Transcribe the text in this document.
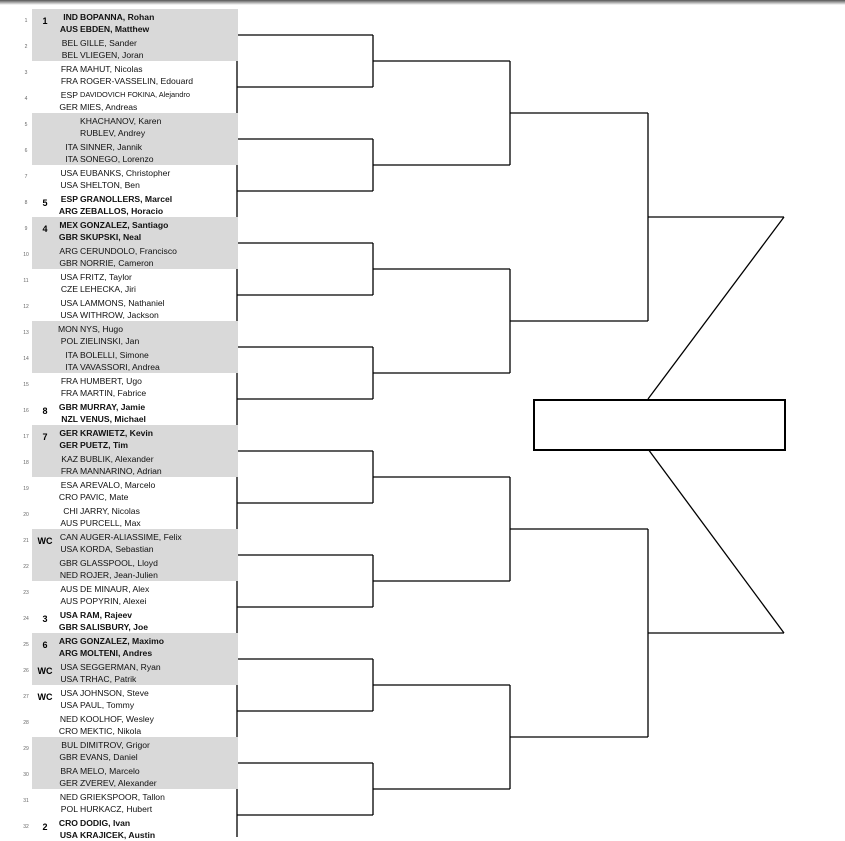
1	1	IND BOPANNA, Rohan
AUS EBDEN, Matthew
2	BEL GILLE, Sander
BEL VLIEGEN, Joran
3	FRA MAHUT, Nicolas
FRA ROGER-VASSELIN, Edouard
4	ESP DAVIDOVICH FOKINA, Alejandro
GER MIES, Andreas
5	KHACHANOV, Karen
RUBLEV, Andrey
6	ITA SINNER, Jannik
ITA SONEGO, Lorenzo
7	USA EUBANKS, Christopher
USA SHELTON, Ben
8	5	ESP GRANOLLERS, Marcel
ARG ZEBALLOS, Horacio
9	4	MEX GONZALEZ, Santiago
GBR SKUPSKI, Neal
10	ARG CERUNDOLO, Francisco
GBR NORRIE, Cameron
11	USA FRITZ, Taylor
CZE LEHECKA, Jiri
12	USA LAMMONS, Nathaniel
USA WITHROW, Jackson
13	MON NYS, Hugo
POL ZIELINSKI, Jan
14	ITA BOLELLI, Simone
ITA VAVASSORI, Andrea
15	FRA HUMBERT, Ugo
FRA MARTIN, Fabrice
16	8	GBR MURRAY, Jamie
NZL VENUS, Michael
17	7	GER KRAWIETZ, Kevin
GER PUETZ, Tim
18	KAZ BUBLIK, Alexander
FRA MANNARINO, Adrian
19	ESA AREVALO, Marcelo
CRO PAVIC, Mate
20	CHI JARRY, Nicolas
AUS PURCELL, Max
21 WC CAN AUGER-ALIASSIME, Felix
USA KORDA, Sebastian
22	GBR GLASSPOOL, Lloyd
NED ROJER, Jean-Julien
23	AUS DE MINAUR, Alex
AUS POPYRIN, Alexei
24	3	USA RAM, Rajeev
GBR SALISBURY, Joe
25	6	ARG GONZALEZ, Maximo
ARG MOLTENI, Andres
26 WC USA SEGGERMAN, Ryan
USA TRHAC, Patrik
27 WC USA JOHNSON, Steve
USA PAUL, Tommy
28	NED KOOLHOF, Wesley
CRO MEKTIC, Nikola
29	BUL DIMITROV, Grigor
GBR EVANS, Daniel
30	BRA MELO, Marcelo
GER ZVEREV, Alexander
31	NED GRIEKSPOOR, Tallon
POL HURKACZ, Hubert
32	2	CRO DODIG, Ivan
USA KRAJICEK, Austin
